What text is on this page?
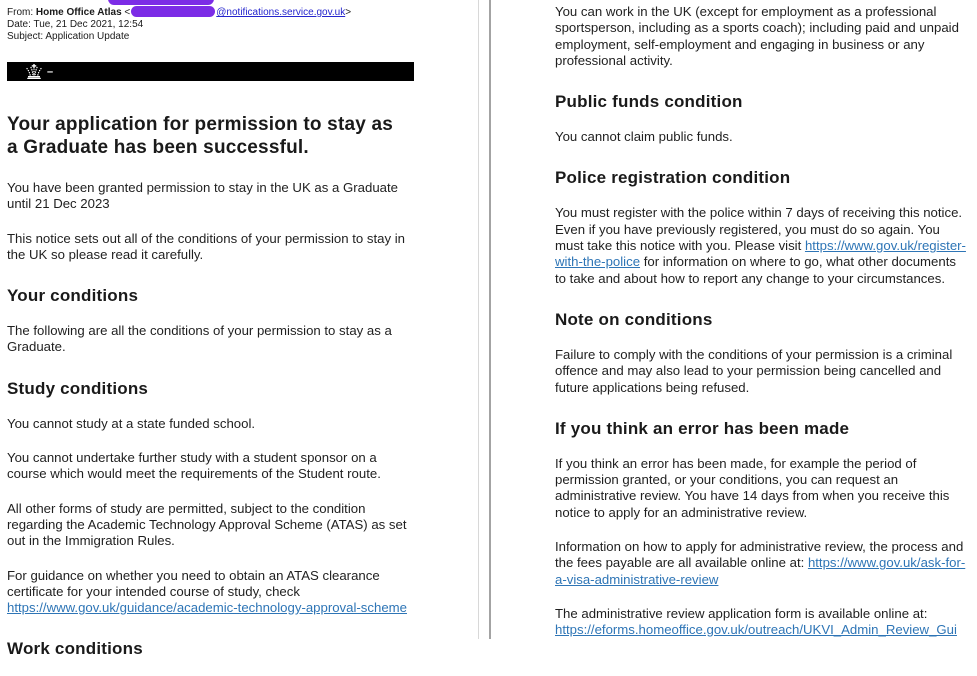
From: Home Office Atlas <	@notifications.service.gov.uk>
Date: Tue, 21 Dec 2021, 12:54
Subject: Application Update
–
Your application for permission to stay as a Graduate has been successful.

You have been granted permission to stay in the UK as a Graduate until 21 Dec 2023

This notice sets out all of the conditions of your permission to stay in the UK so please read it carefully.

Your conditions

The following are all the conditions of your permission to stay as a Graduate.

Study conditions

You cannot study at a state funded school.

You cannot undertake further study with a student sponsor on a course which would meet the requirements of the Student route.

All other forms of study are permitted, subject to the condition regarding the Academic Technology Approval Scheme (ATAS) as set out in the Immigration Rules.

For guidance on whether you need to obtain an ATAS clearance certificate for your intended course of study, check https://www.gov.uk/guidance/academic-technology-approval-scheme

Work conditions

You can work in the UK (except for employment as a professional sportsperson, including as a sports coach); including paid and unpaid employment, self-employment and engaging in business or any professional activity.

Public funds condition

You cannot claim public funds.

Police registration condition

You must register with the police within 7 days of receiving this notice. Even if you have previously registered, you must do so again. You must take this notice with you. Please visit https://www.gov.uk/register-with-the-police for information on where to go, what other documents to take and about how to report any change to your circumstances.

Note on conditions

Failure to comply with the conditions of your permission is a criminal offence and may also lead to your permission being cancelled and future applications being refused.

If you think an error has been made

If you think an error has been made, for example the period of permission granted, or your conditions, you can request an administrative review. You have 14 days from when you receive this notice to apply for an administrative review.

Information on how to apply for administrative review, the process and the fees payable are all available online at: https://www.gov.uk/ask-for-a-visa-administrative-review

The administrative review application form is available online at: https://eforms.homeoffice.gov.uk/outreach/UKVI_Admin_Review_Gui
